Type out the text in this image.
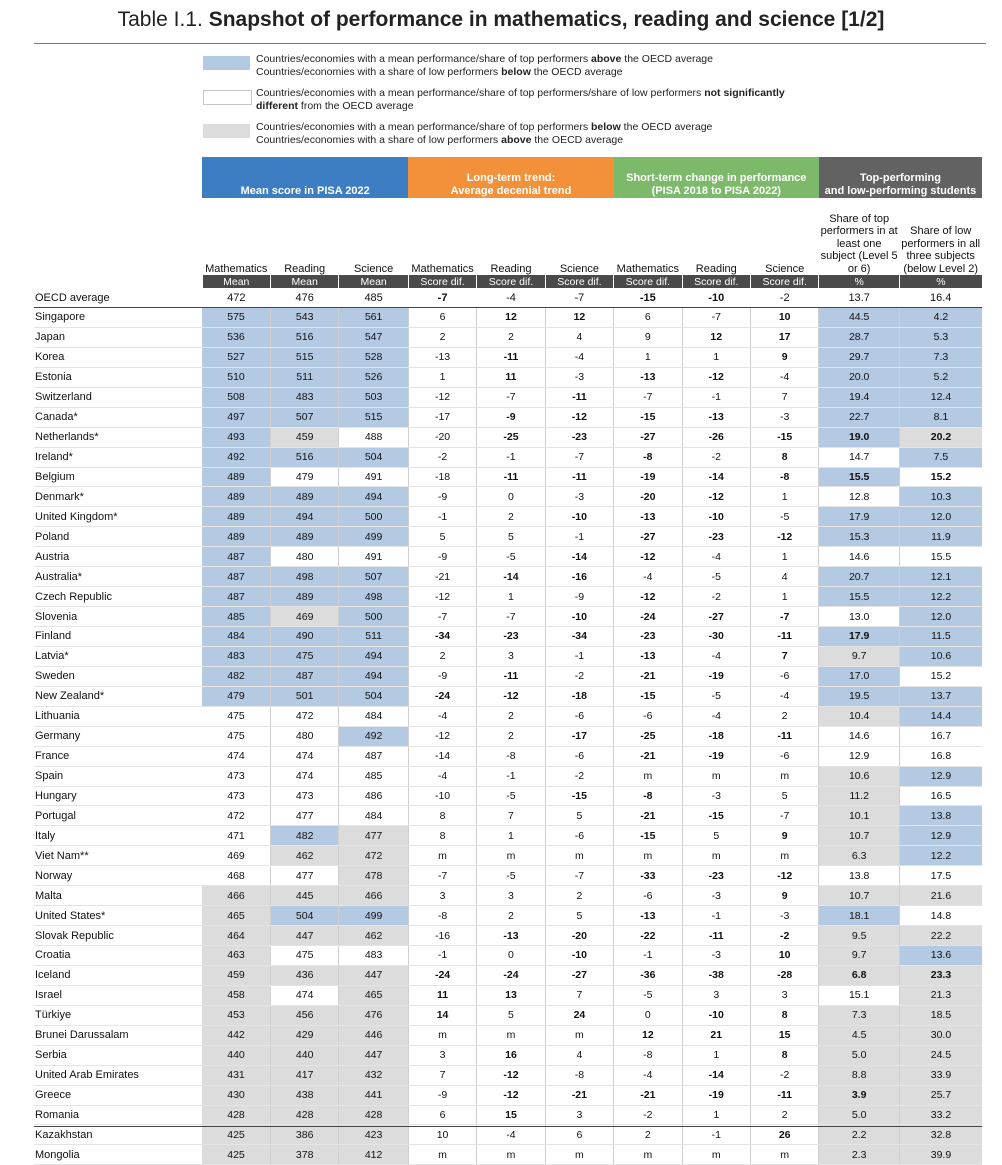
Table I.1. Snapshot of performance in mathematics, reading and science [1/2]
Countries/economies with a mean performance/share of top performers above the OECD average
Countries/economies with a share of low performers below the OECD average
Countries/economies with a mean performance/share of top performers/share of low performers not significantly
different from the OECD average
Countries/economies with a mean performance/share of top performers below the OECD average
Countries/economies with a share of low performers above the OECD average
	Mean score in PISA 2022			Long-term trend:
Average decenial trend			Short-term change in performance
(PISA 2018 to PISA 2022)			Top-performing
and low-performing students	
	Mathematics	Reading	Science	Mathematics	Reading	Science	Mathematics	Reading	Science	Share of top performers in at least one subject (Level 5 or 6)	Share of low performers in all three subjects (below Level 2)
	Mean	Mean	Mean	Score dif.	Score dif.	Score dif.	Score dif.	Score dif.	Score dif.	%	%
OECD average	472	476	485	-7	-4	-7	-15	-10	-2	13.7	16.4
Singapore	575	543	561	6	12	12	6	-7	10	44.5	4.2
Japan	536	516	547	2	2	4	9	12	17	28.7	5.3
Korea	527	515	528	-13	-11	-4	1	1	9	29.7	7.3
Estonia	510	511	526	1	11	-3	-13	-12	-4	20.0	5.2
Switzerland	508	483	503	-12	-7	-11	-7	-1	7	19.4	12.4
Canada*	497	507	515	-17	-9	-12	-15	-13	-3	22.7	8.1
Netherlands*	493	459	488	-20	-25	-23	-27	-26	-15	19.0	20.2
Ireland*	492	516	504	-2	-1	-7	-8	-2	8	14.7	7.5
Belgium	489	479	491	-18	-11	-11	-19	-14	-8	15.5	15.2
Denmark*	489	489	494	-9	0	-3	-20	-12	1	12.8	10.3
United Kingdom*	489	494	500	-1	2	-10	-13	-10	-5	17.9	12.0
Poland	489	489	499	5	5	-1	-27	-23	-12	15.3	11.9
Austria	487	480	491	-9	-5	-14	-12	-4	1	14.6	15.5
Australia*	487	498	507	-21	-14	-16	-4	-5	4	20.7	12.1
Czech Republic	487	489	498	-12	1	-9	-12	-2	1	15.5	12.2
Slovenia	485	469	500	-7	-7	-10	-24	-27	-7	13.0	12.0
Finland	484	490	511	-34	-23	-34	-23	-30	-11	17.9	11.5
Latvia*	483	475	494	2	3	-1	-13	-4	7	9.7	10.6
Sweden	482	487	494	-9	-11	-2	-21	-19	-6	17.0	15.2
New Zealand*	479	501	504	-24	-12	-18	-15	-5	-4	19.5	13.7
Lithuania	475	472	484	-4	2	-6	-6	-4	2	10.4	14.4
Germany	475	480	492	-12	2	-17	-25	-18	-11	14.6	16.7
France	474	474	487	-14	-8	-6	-21	-19	-6	12.9	16.8
Spain	473	474	485	-4	-1	-2	m	m	m	10.6	12.9
Hungary	473	473	486	-10	-5	-15	-8	-3	5	11.2	16.5
Portugal	472	477	484	8	7	5	-21	-15	-7	10.1	13.8
Italy	471	482	477	8	1	-6	-15	5	9	10.7	12.9
Viet Nam**	469	462	472	m	m	m	m	m	m	6.3	12.2
Norway	468	477	478	-7	-5	-7	-33	-23	-12	13.8	17.5
Malta	466	445	466	3	3	2	-6	-3	9	10.7	21.6
United States*	465	504	499	-8	2	5	-13	-1	-3	18.1	14.8
Slovak Republic	464	447	462	-16	-13	-20	-22	-11	-2	9.5	22.2
Croatia	463	475	483	-1	0	-10	-1	-3	10	9.7	13.6
Iceland	459	436	447	-24	-24	-27	-36	-38	-28	6.8	23.3
Israel	458	474	465	11	13	7	-5	3	3	15.1	21.3
Türkiye	453	456	476	14	5	24	0	-10	8	7.3	18.5
Brunei Darussalam	442	429	446	m	m	m	12	21	15	4.5	30.0
Serbia	440	440	447	3	16	4	-8	1	8	5.0	24.5
United Arab Emirates	431	417	432	7	-12	-8	-4	-14	-2	8.8	33.9
Greece	430	438	441	-9	-12	-21	-21	-19	-11	3.9	25.7
Romania	428	428	428	6	15	3	-2	1	2	5.0	33.2
Kazakhstan	425	386	423	10	-4	6	2	-1	26	2.2	32.8
Mongolia	425	378	412	m	m	m	m	m	m	2.3	39.9
